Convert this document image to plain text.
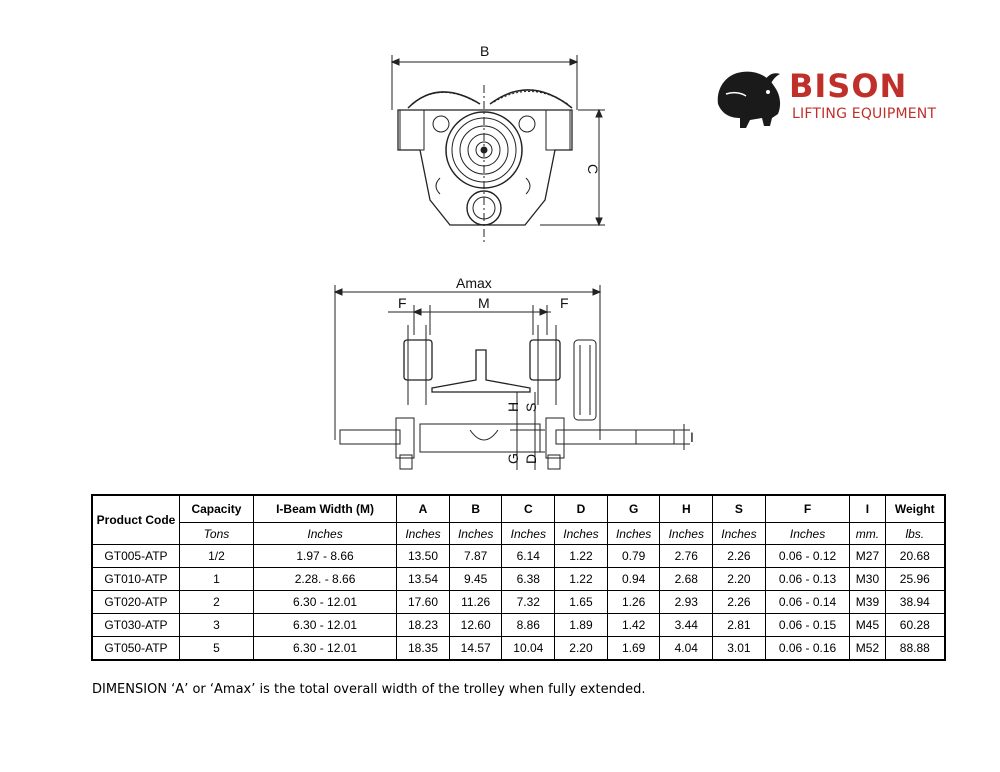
B
C
Amax
F	M	F
H S
G D
I
BISON
LIFTING EQUIPMENT
Product Code	Capacity	I-Beam Width (M)	A	B	C	D	G	H	S	F	I	Weight
	Tons	Inches	Inches	Inches	Inches	Inches	Inches	Inches	Inches	Inches	mm.	lbs.
GT005-ATP	1/2	1.97 - 8.66	13.50	7.87	6.14	1.22	0.79	2.76	2.26	0.06 - 0.12	M27	20.68
GT010-ATP	1	2.28. - 8.66	13.54	9.45	6.38	1.22	0.94	2.68	2.20	0.06 - 0.13	M30	25.96
GT020-ATP	2	6.30 - 12.01	17.60	11.26	7.32	1.65	1.26	2.93	2.26	0.06 - 0.14	M39	38.94
GT030-ATP	3	6.30 - 12.01	18.23	12.60	8.86	1.89	1.42	3.44	2.81	0.06 - 0.15	M45	60.28
GT050-ATP	5	6.30 - 12.01	18.35	14.57	10.04	2.20	1.69	4.04	3.01	0.06 - 0.16	M52	88.88
DIMENSION ‘A’ or ‘Amax’ is the total overall width of the trolley when fully extended.
